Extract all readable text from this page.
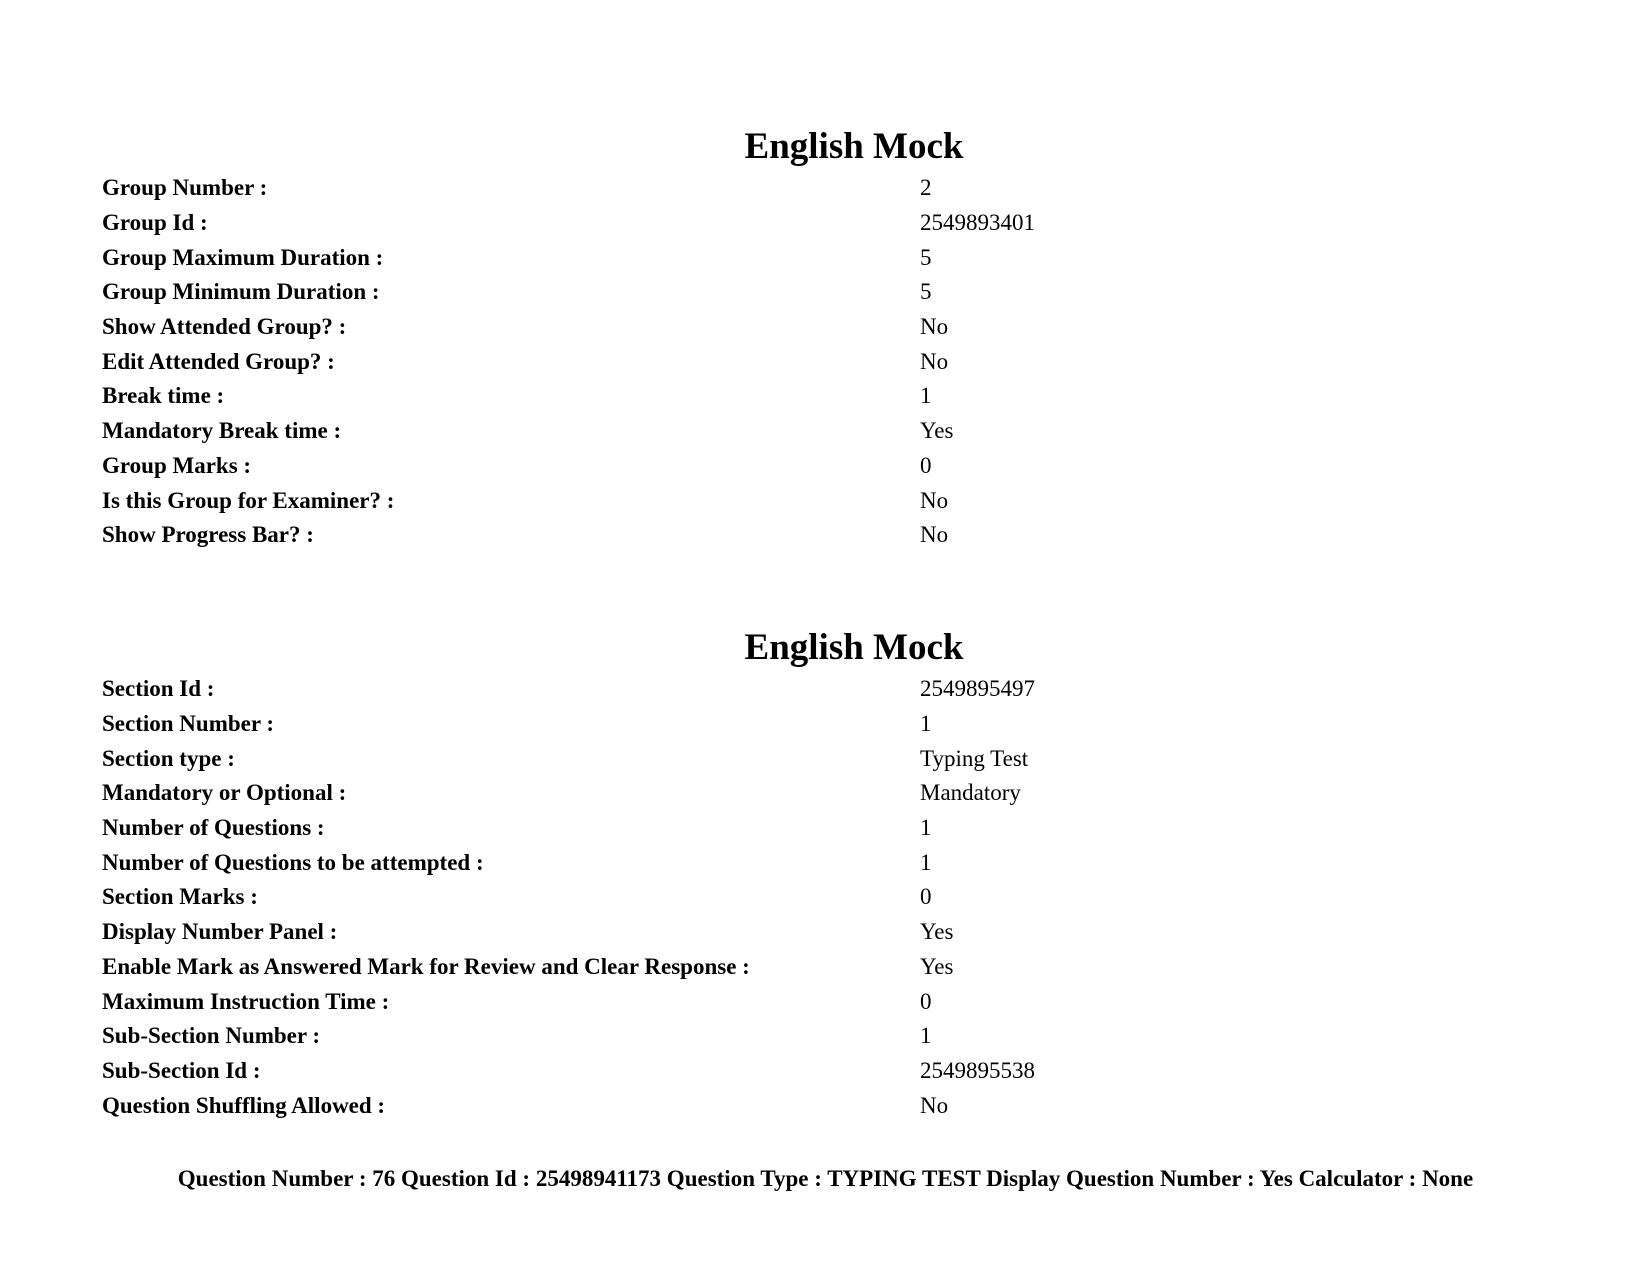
English Mock
Group Number :	2
Group Id :	2549893401
Group Maximum Duration :	5
Group Minimum Duration :	5
Show Attended Group? :	No
Edit Attended Group? :	No
Break time :	1
Mandatory Break time :	Yes
Group Marks :	0
Is this Group for Examiner? :	No
Show Progress Bar? :	No
English Mock
Section Id :	2549895497
Section Number :	1
Section type :	Typing Test
Mandatory or Optional :	Mandatory
Number of Questions :	1
Number of Questions to be attempted :	1
Section Marks :	0
Display Number Panel :	Yes
Enable Mark as Answered Mark for Review and Clear Response :	Yes
Maximum Instruction Time :	0
Sub-Section Number :	1
Sub-Section Id :	2549895538
Question Shuffling Allowed :	No
Question Number : 76 Question Id : 25498941173 Question Type : TYPING TEST Display Question Number : Yes Calculator : None
